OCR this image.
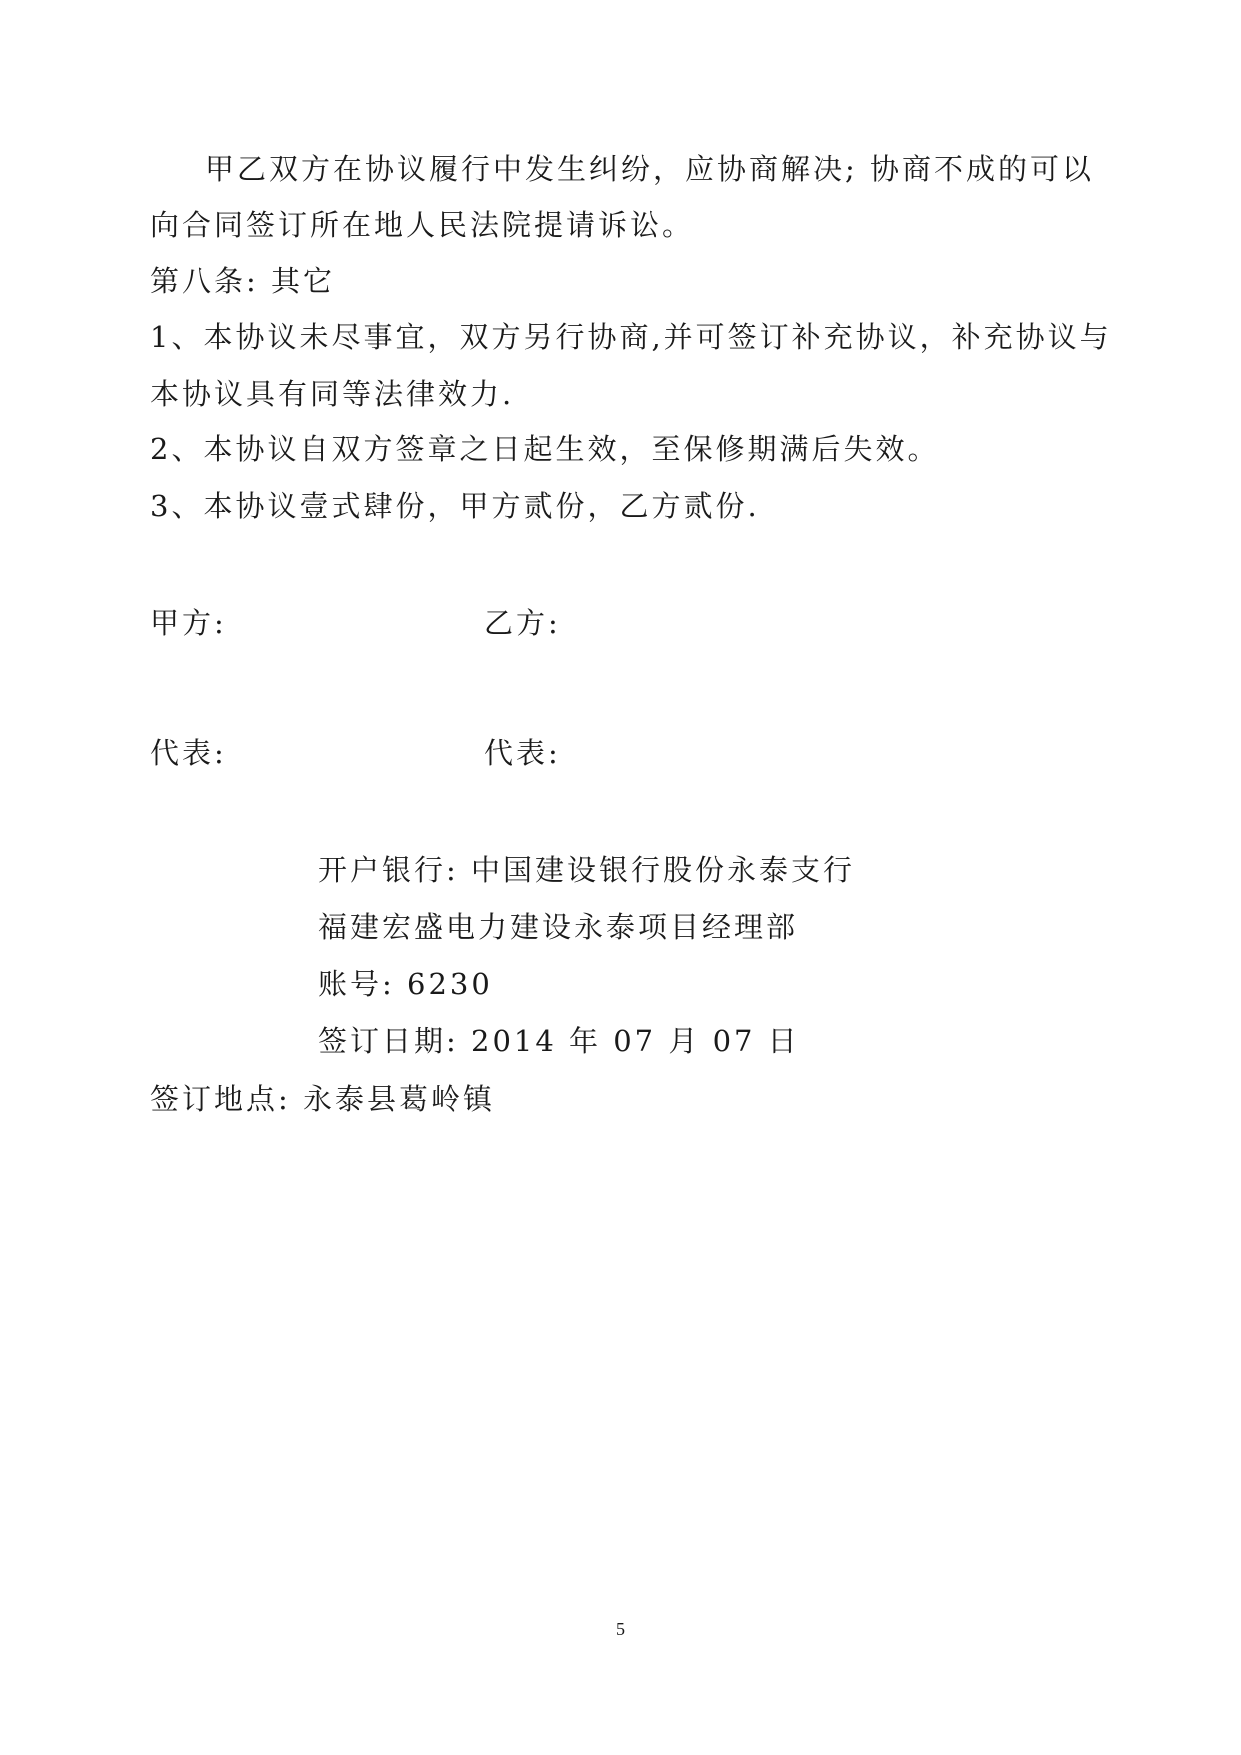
甲乙双方在协议履行中发生纠纷，应协商解决; 协商不成的可以
向合同签订所在地人民法院提请诉讼。
第八条: 其它
1、本协议未尽事宜，双方另行协商,并可签订补充协议，补充协议与
本协议具有同等法律效力.
2、本协议自双方签章之日起生效，至保修期满后失效。
3、本协议壹式肆份，甲方贰份，乙方贰份.
甲方:	乙方:
代表:	代表:
开户银行: 中国建设银行股份永泰支行
福建宏盛电力建设永泰项目经理部
账号: 6230
签订日期: 2014 年 07 月 07 日
签订地点: 永泰县葛岭镇
5
